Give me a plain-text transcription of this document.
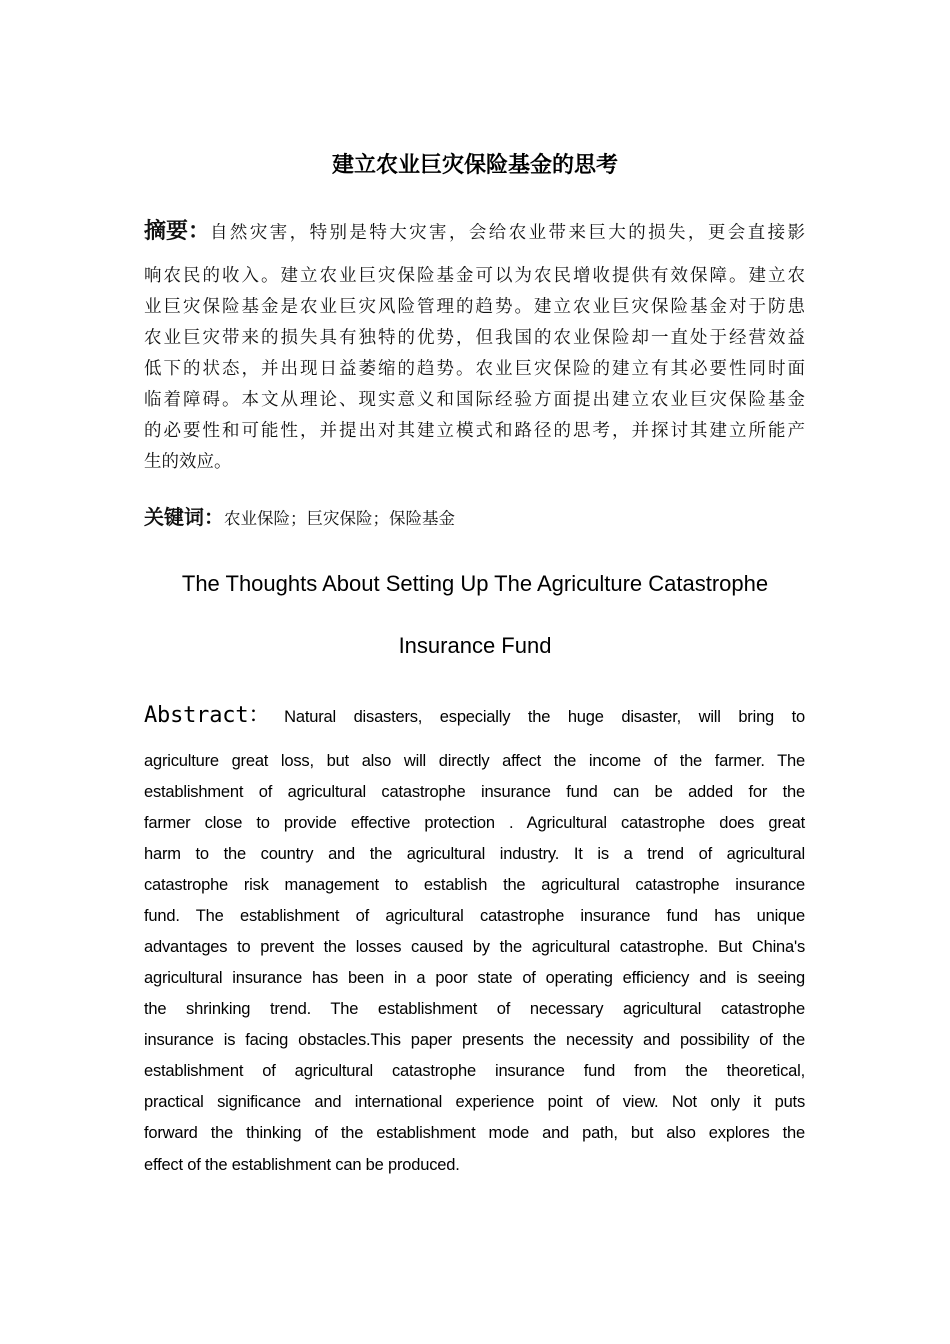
建立农业巨灾保险基金的思考
摘要： 自然灾害，特别是特大灾害，会给农业带来巨大的损失，更会直接影
响农民的收入。建立农业巨灾保险基金可以为农民增收提供有效保障。建立农
业巨灾保险基金是农业巨灾风险管理的趋势。建立农业巨灾保险基金对于防患
农业巨灾带来的损失具有独特的优势，但我国的农业保险却一直处于经营效益
低下的状态，并出现日益萎缩的趋势。农业巨灾保险的建立有其必要性同时面
临着障碍。本文从理论、现实意义和国际经验方面提出建立农业巨灾保险基金
的必要性和可能性，并提出对其建立模式和路径的思考，并探讨其建立所能产
生的效应。
关键词：农业保险；巨灾保险；保险基金
The Thoughts About Setting Up The Agriculture Catastrophe
Insurance Fund
Abstract： Natural disasters, especially the huge disaster, will bring to
agriculture great loss, but also will directly affect the income of the farmer. The
establishment of agricultural catastrophe insurance fund can be added for the
farmer close to provide effective protection . Agricultural catastrophe does great
harm to the country and the agricultural industry. It is a trend of agricultural
catastrophe risk management to establish the agricultural catastrophe insurance
fund. The establishment of agricultural catastrophe insurance fund has unique
advantages to prevent the losses caused by the agricultural catastrophe. But China's
agricultural insurance has been in a poor state of operating efficiency and is seeing
the shrinking trend. The establishment of necessary agricultural catastrophe
insurance is facing obstacles.This paper presents the necessity and possibility of the
establishment of agricultural catastrophe insurance fund from the theoretical,
practical significance and international experience point of view. Not only it puts
forward the thinking of the establishment mode and path, but also explores the
effect of the establishment can be produced.
